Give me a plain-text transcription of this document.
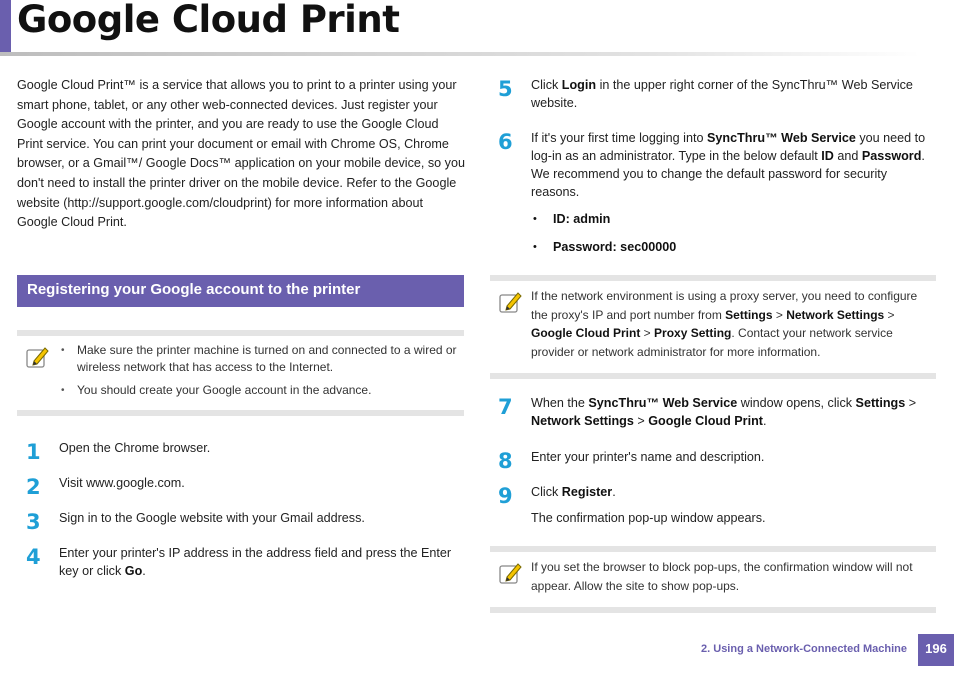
Google Cloud Print

Google Cloud Print™ is a service that allows you to print to a printer using your smart phone, tablet, or any other web-connected devices. Just register your Google account with the printer, and you are ready to use the Google Cloud Print service. You can print your document or email with Chrome OS, Chrome browser, or a Gmail™/ Google Docs™ application on your mobile device, so you don't need to install the printer driver on the mobile device. Refer to the Google website (http://support.google.com/cloudprint) for more information about Google Cloud Print.

Registering your Google account to the printer
• Make sure the printer machine is turned on and connected to a wired or wireless network that has access to the Internet.
• You should create your Google account in the advance.
1	Open the Chrome browser.
2	Visit www.google.com.
3	Sign in to the Google website with your Gmail address.
4	Enter your printer's IP address in the address field and press the Enter key or click Go.
5	Click Login in the upper right corner of the SyncThru™ Web Service website.
6	If it's your first time logging into SyncThru™ Web Service you need to log-in as an administrator. Type in the below default ID and Password. We recommend you to change the default password for security reasons.
• ID: admin
• Password: sec00000
If the network environment is using a proxy server, you need to configure the proxy's IP and port number from Settings > Network Settings > Google Cloud Print > Proxy Setting. Contact your network service provider or network administrator for more information.
7	When the SyncThru™ Web Service window opens, click Settings > Network Settings > Google Cloud Print.
8	Enter your printer's name and description.
9	Click Register.
The confirmation pop-up window appears.
If you set the browser to block pop-ups, the confirmation window will not appear. Allow the site to show pop-ups.
2. Using a Network-Connected Machine	196
